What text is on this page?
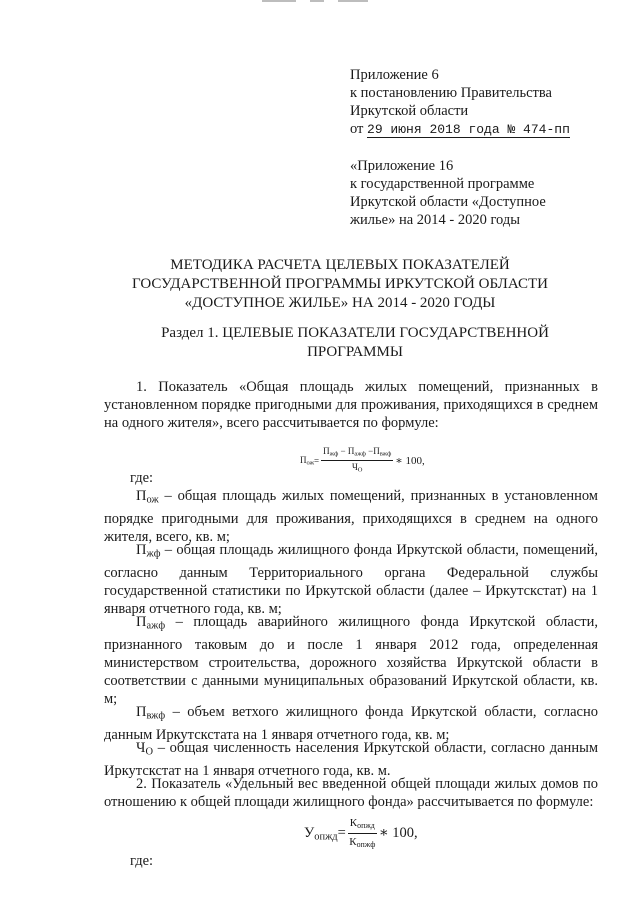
Приложение 6
к постановлению Правительства
Иркутской области
от 29 июня 2018 года № 474-пп
«Приложение 16
к государственной программе
Иркутской области «Доступное
жилье» на 2014 - 2020 годы
МЕТОДИКА РАСЧЕТА ЦЕЛЕВЫХ ПОКАЗАТЕЛЕЙ
ГОСУДАРСТВЕННОЙ ПРОГРАММЫ ИРКУТСКОЙ ОБЛАСТИ
«ДОСТУПНОЕ ЖИЛЬЕ» НА 2014 - 2020 ГОДЫ
Раздел 1. ЦЕЛЕВЫЕ ПОКАЗАТЕЛИ ГОСУДАРСТВЕННОЙ
ПРОГРАММЫ
1. Показатель «Общая площадь жилых помещений, признанных в установленном порядке пригодными для проживания, приходящихся в среднем на одного жителя», всего рассчитывается по формуле:
$П_{ож} = \frac{П_{жф} - П_{ажф} -П_{вжф}}{Ч_О}$ ∗ 100,
где:
$П_{ож}$ – общая площадь жилых помещений, признанных в установленном порядке пригодными для проживания, приходящихся в среднем на одного жителя, всего, кв. м;
$П_{жф}$ – общая площадь жилищного фонда Иркутской области, помещений, согласно данным Территориального органа Федеральной службы государственной статистики по Иркутской области (далее – Иркутскстат) на 1 января отчетного года, кв. м;
$П_{ажф}$ – площадь аварийного жилищного фонда Иркутской области, признанного таковым до и после 1 января 2012 года, определенная министерством строительства, дорожного хозяйства Иркутской области в соответствии с данными муниципальных образований Иркутской области, кв. м;
$П_{вжф}$ – объем ветхого жилищного фонда Иркутской области, согласно данным Иркутскстата на 1 января отчетного года, кв. м;
$Ч_О$ – общая численность населения Иркутской области, согласно данным Иркутскстат на 1 января отчетного года, кв. м.
2. Показатель «Удельный вес введенной общей площади жилых домов по отношению к общей площади жилищного фонда» рассчитывается по формуле:
$У_{опжд} = \frac{К_{опжд}}{К_{опжф}}$ ∗ 100,
где:
